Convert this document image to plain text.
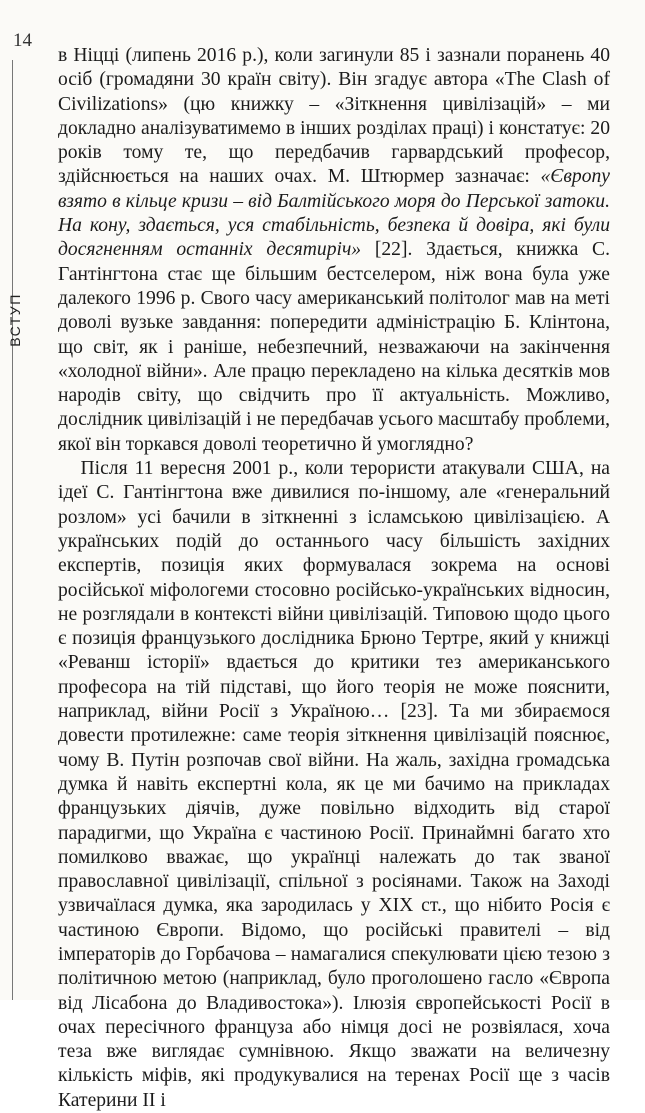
14
ВСТУП

в Ніцці (липень 2016 р.), коли загинули 85 і зазнали поранень 40 осіб (громадяни 30 країн світу). Він згадує автора «The Clash of Civilizations» (цю книжку – «Зіткнення цивілізацій» – ми докладно аналізуватимемо в інших розділах праці) і констатує: 20 років тому те, що передбачив гарвардський професор, здійснюється на наших очах. М. Штюрмер зазначає: «Європу взято в кільце кризи – від Балтійського моря до Перської затоки. На кону, здається, уся стабільність, безпека й довіра, які були досягненням останніх десятиріч» [22]. Здається, книжка С. Гантінгтона стає ще більшим бестселером, ніж вона була уже далекого 1996 р. Свого часу американський політолог мав на меті доволі вузьке завдання: попередити адміністрацію Б. Клінтона, що світ, як і раніше, небезпечний, незважаючи на закінчення «холодної війни». Але працю перекладено на кілька десятків мов народів світу, що свідчить про її актуальність. Можливо, дослідник цивілізацій і не передбачав усього масштабу проблеми, якої він торкався доволі теоретично й умоглядно?

Після 11 вересня 2001 р., коли терористи атакували США, на ідеї С. Гантінгтона вже дивилися по-іншому, але «генеральний розлом» усі бачили в зіткненні з ісламською цивілізацією. А українських подій до останнього часу більшість західних експертів, позиція яких формувалася зокрема на основі російської міфологеми стосовно російсько-українських відносин, не розглядали в контексті війни цивілізацій. Типовою щодо цього є позиція французького дослідника Брюно Тертре, який у книжці «Реванш історії» вдається до критики тез американського професора на тій підставі, що його теорія не може пояснити, наприклад, війни Росії з Україною… [23]. Та ми збираємося довести протилежне: саме теорія зіткнення цивілізацій пояснює, чому В. Путін розпочав свої війни. На жаль, західна громадська думка й навіть експертні кола, як це ми бачимо на прикладах французьких діячів, дуже повільно відходить від старої парадигми, що Україна є частиною Росії. Принаймні багато хто помилково вважає, що українці належать до так званої православної цивілізації, спільної з росіянами. Також на Заході узвичаїлася думка, яка зародилась у XIX ст., що нібито Росія є частиною Європи. Відомо, що російські правителі – від імператорів до Горбачова – намагалися спекулювати цією тезою з політичною метою (наприклад, було проголошено гасло «Європа від Лісабона до Владивостока»). Ілюзія європейськості Росії в очах пересічного француза або німця досі не розвіялася, хоча теза вже виглядає сумнівною. Якщо зважати на величезну кількість міфів, які продукувалися на теренах Росії ще з часів Катерини II і
